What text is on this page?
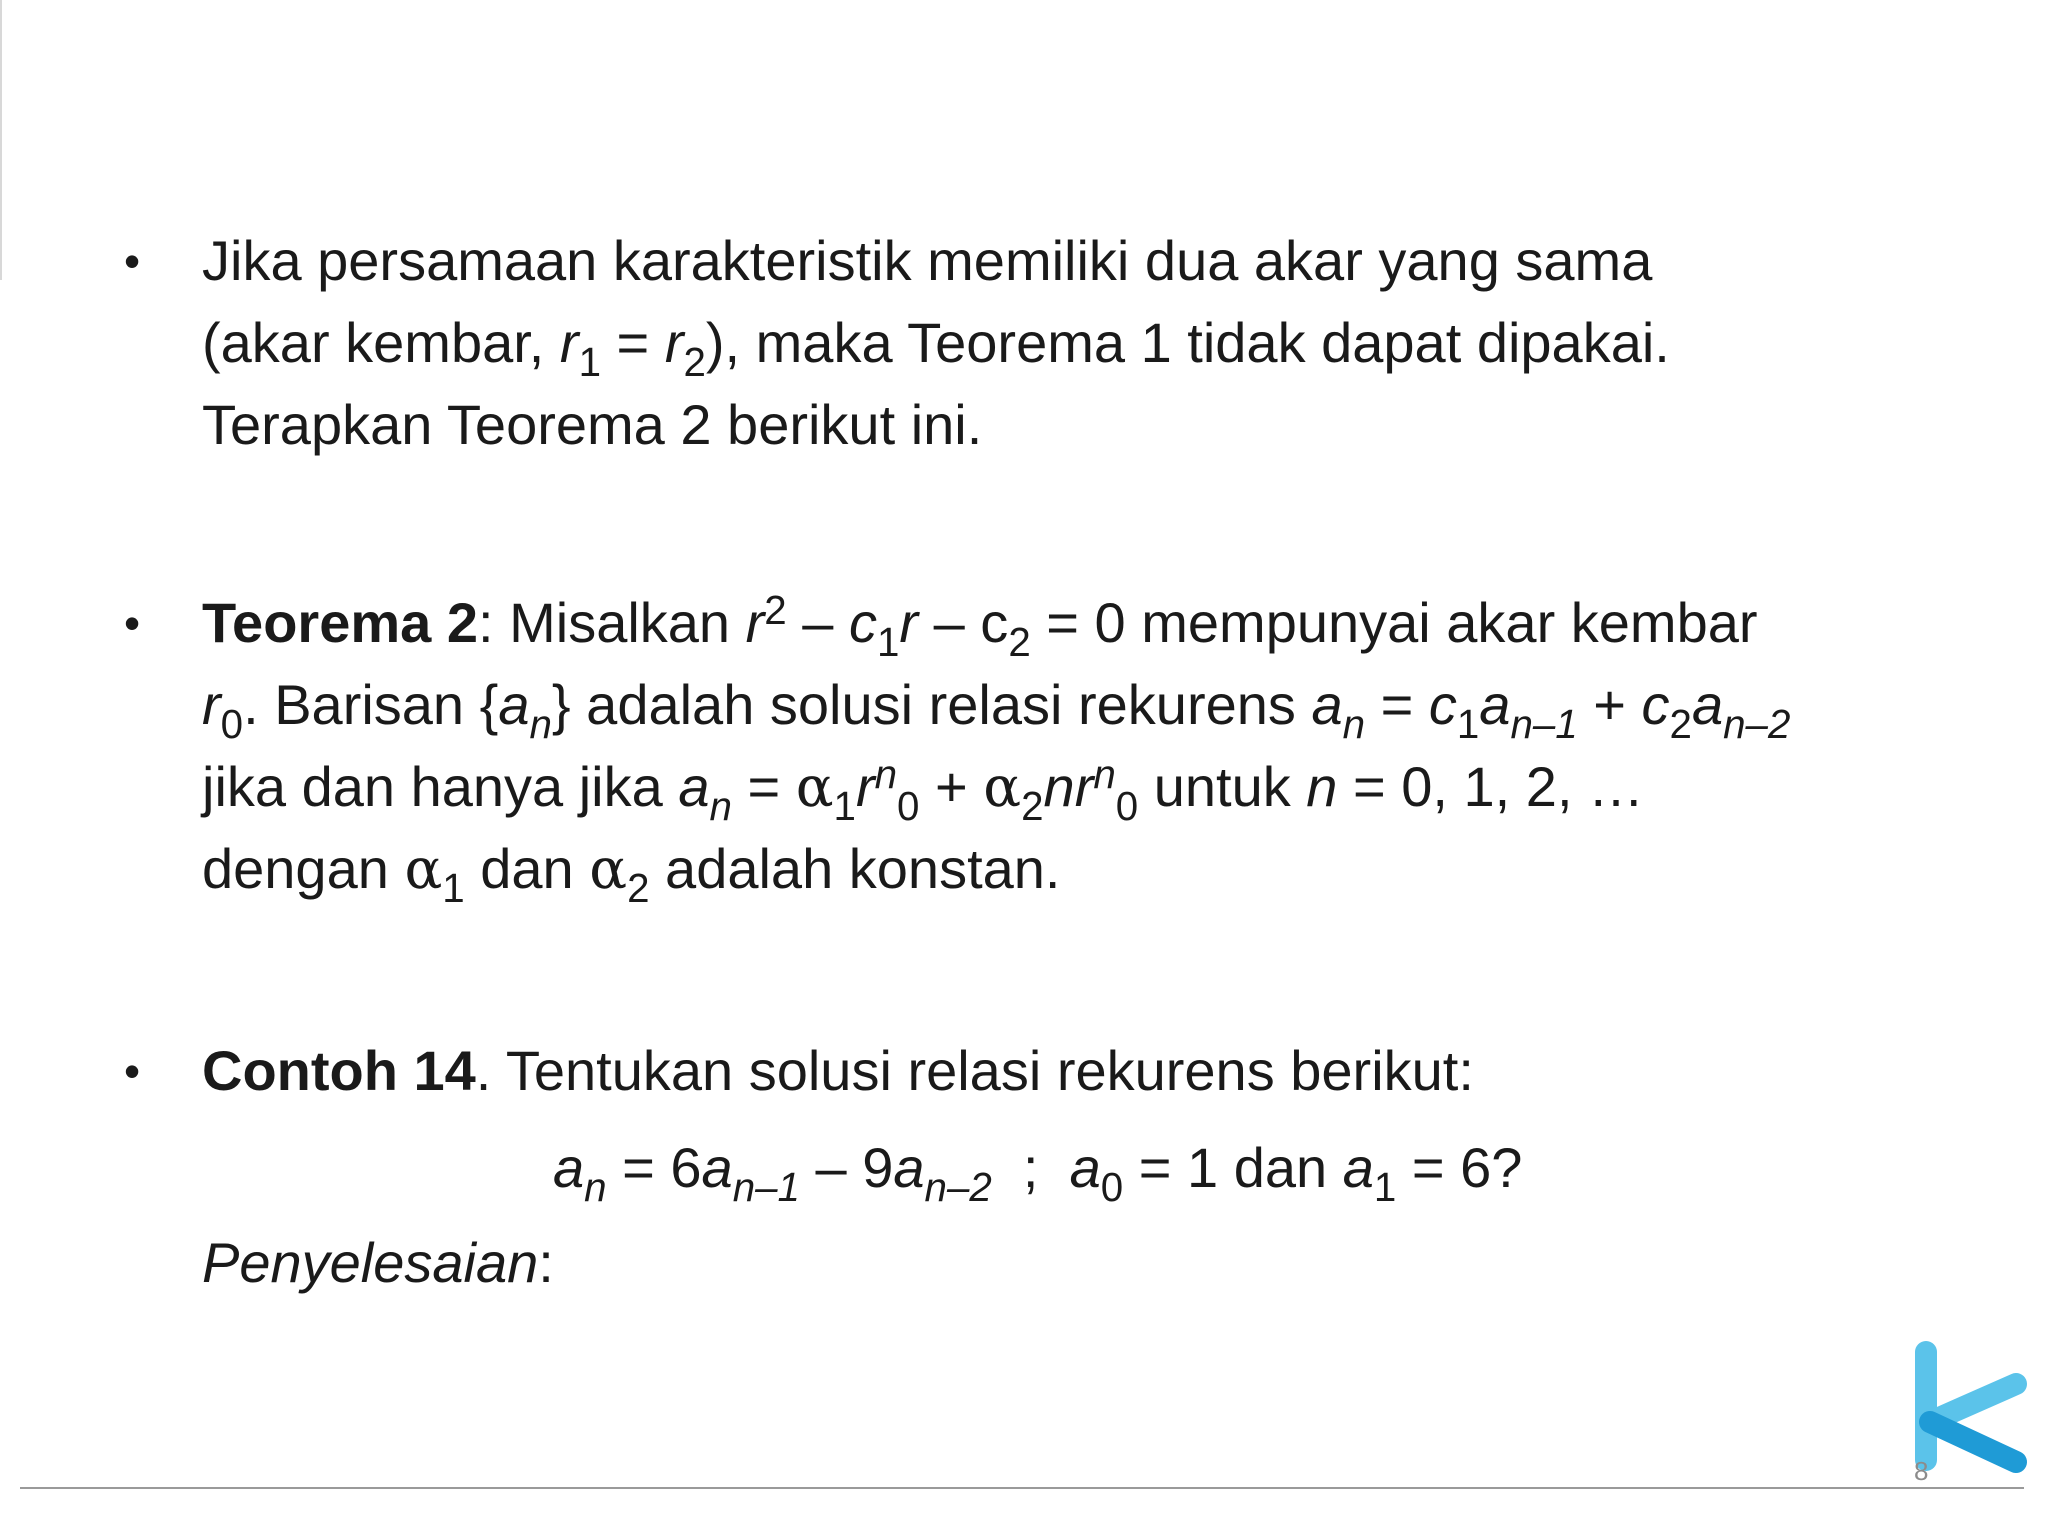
• Jika persamaan karakteristik memiliki dua akar yang sama
(akar kembar, $r_1 = r_2$), maka Teorema 1 tidak dapat dipakai.
Terapkan Teorema 2 berikut ini.
• Teorema 2: Misalkan $r^2 - c_1r - c_2 = 0$ mempunyai akar kembar
$r_0$. Barisan $\{a_n\}$ adalah solusi relasi rekurens $a_n = c_1a_{n-1} + c_2a_{n-2}$
jika dan hanya jika $a_n = \alpha_1r^n_0 + \alpha_2nr^n_0$ untuk n = 0, 1, 2, …
dengan $\alpha_1$ dan $\alpha_2$ adalah konstan.
• Contoh 14. Tentukan solusi relasi rekurens berikut:
$a_n = 6a_{n-1} - 9a_{n-2}$  ;  $a_0 = 1$ dan $a_1 = 6$?
Penyelesaian:
8
